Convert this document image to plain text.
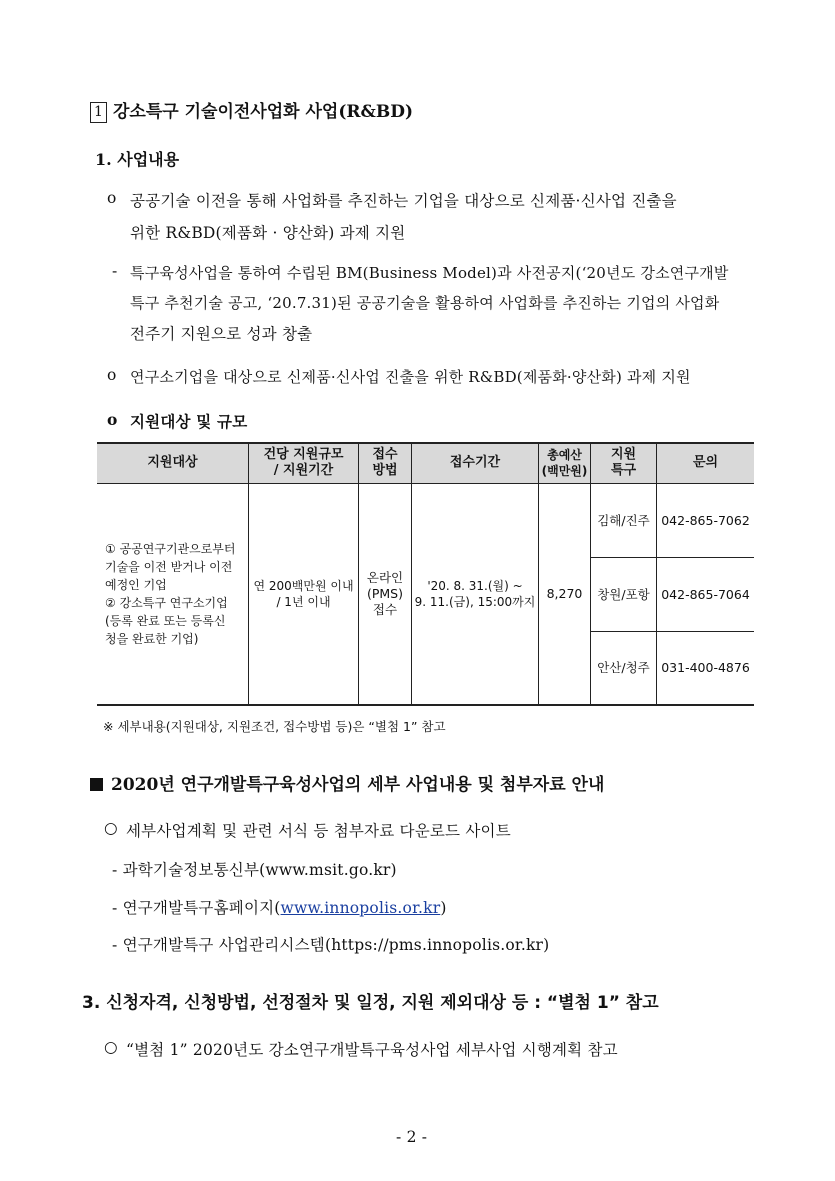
1 강소특구 기술이전사업화 사업(R&BD)
1. 사업내용
o 공공기술 이전을 통해 사업화를 추진하는 기업을 대상으로 신제품·신사업 진출을
위한 R&BD(제품화 · 양산화) 과제 지원
- 특구육성사업을 통하여 수립된 BM(Business Model)과 사전공지(‘20년도 강소연구개발
특구 추천기술 공고, ‘20.7.31)된 공공기술을 활용하여 사업화를 추진하는 기업의 사업화
전주기 지원으로 성과 창출
o 연구소기업을 대상으로 신제품·신사업 진출을 위한 R&BD(제품화·양산화) 과제 지원
o 지원대상 및 규모
지원대상
건당 지원규모
/ 지원기간
접수
방법
접수기간	총예산
(백만원)
지원
특구
문의
① 공공연구기관으로부터
기술을 이전 받거나 이전
예정인 기업
② 강소특구 연구소기업
(등록 완료 또는 등록신
청을 완료한 기업)
연 200백만원 이내
/ 1년 이내
온라인
(PMS)
접수
'20. 8. 31.(월) ~
9. 11.(금), 15:00까지
8,270
김해/진주 042-865-7062
창원/포항 042-865-7064
안산/청주 031-400-4876
※ 세부내용(지원대상, 지원조건, 접수방법 등)은 “별첨 1” 참고
2020년 연구개발특구육성사업의 세부 사업내용 및 첨부자료 안내
○ 세부사업계획 및 관련 서식 등 첨부자료 다운로드 사이트
- 과학기술정보통신부(www.msit.go.kr)
- 연구개발특구홈페이지(www.innopolis.or.kr)
- 연구개발특구 사업관리시스템(https://pms.innopolis.or.kr)
3. 신청자격, 신청방법, 선정절차 및 일정, 지원 제외대상 등 : “별첨 1” 참고
○ “별첨 1” 2020년도 강소연구개발특구육성사업 세부사업 시행계획 참고
- 2 -
